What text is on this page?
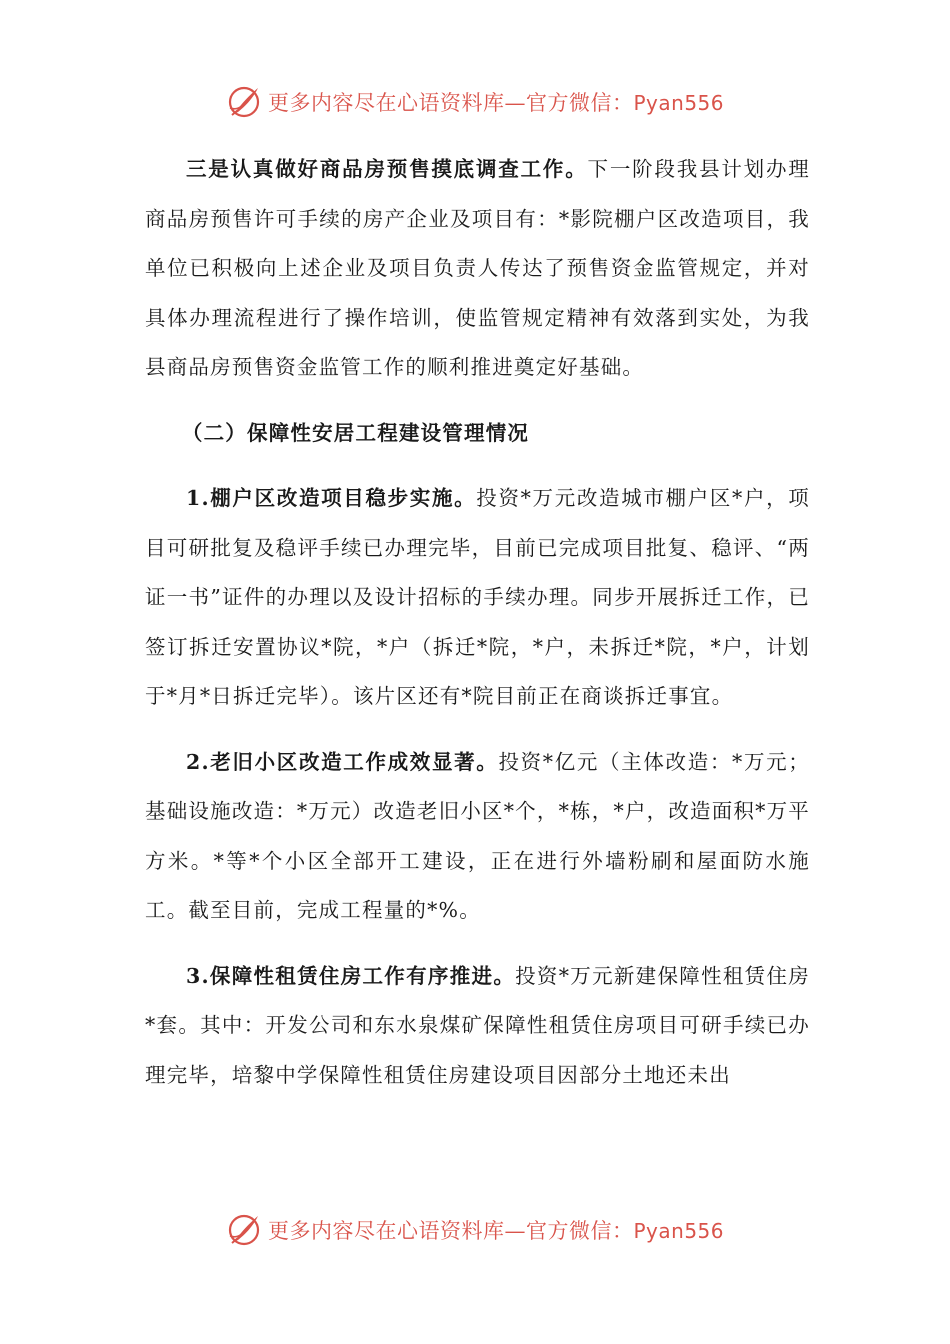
更多内容尽在心语资料库—官方微信：Pyan556

三是认真做好商品房预售摸底调查工作。下一阶段我县计划办理商品房预售许可手续的房产企业及项目有：*影院棚户区改造项目，我单位已积极向上述企业及项目负责人传达了预售资金监管规定，并对具体办理流程进行了操作培训，使监管规定精神有效落到实处，为我县商品房预售资金监管工作的顺利推进奠定好基础。

（二）保障性安居工程建设管理情况

1.棚户区改造项目稳步实施。投资*万元改造城市棚户区*户，项目可研批复及稳评手续已办理完毕，目前已完成项目批复、稳评、“两证一书”证件的办理以及设计招标的手续办理。同步开展拆迁工作，已签订拆迁安置协议*院，*户（拆迁*院，*户，未拆迁*院，*户，计划于*月*日拆迁完毕）。该片区还有*院目前正在商谈拆迁事宜。

2.老旧小区改造工作成效显著。投资*亿元（主体改造：*万元；基础设施改造：*万元）改造老旧小区*个，*栋，*户，改造面积*万平方米。*等*个小区全部开工建设，正在进行外墙粉刷和屋面防水施工。截至目前，完成工程量的*%。

3.保障性租赁住房工作有序推进。投资*万元新建保障性租赁住房*套。其中：开发公司和东水泉煤矿保障性租赁住房项目可研手续已办理完毕，培黎中学保障性租赁住房建设项目因部分土地还未出

更多内容尽在心语资料库—官方微信：Pyan556
